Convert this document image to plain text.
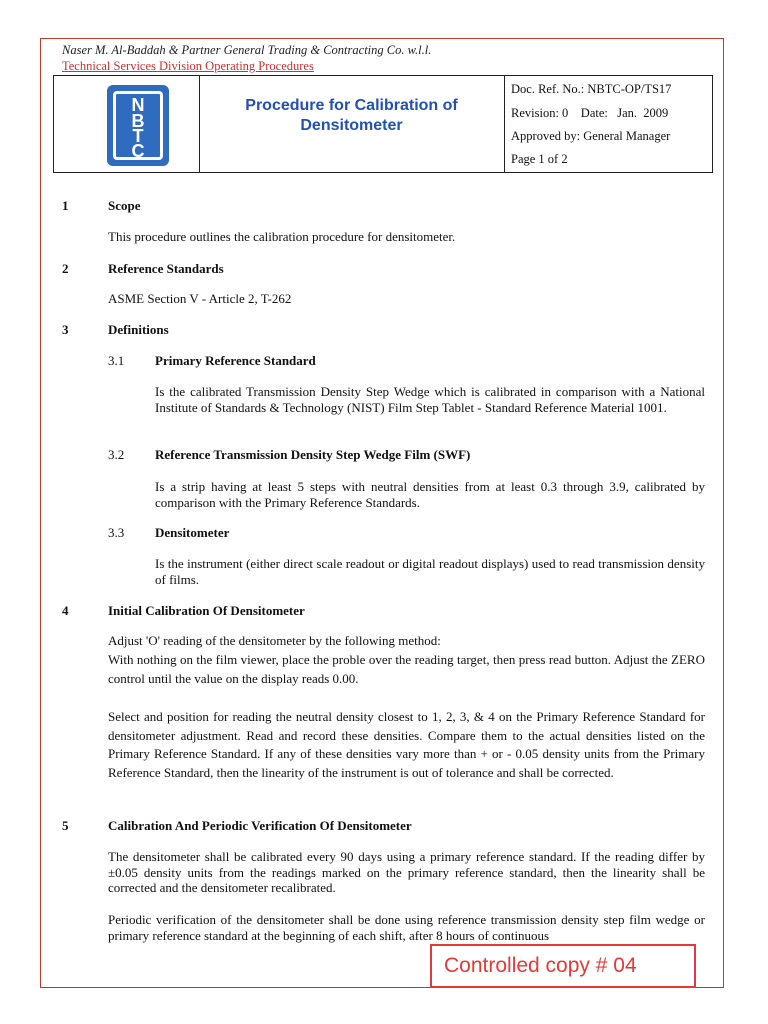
Naser M. Al-Baddah & Partner General Trading & Contracting Co. w.l.l.
Technical Services Division Operating Procedures
N
B
T
C
Procedure for Calibration of
Densitometer
Doc. Ref. No.: NBTC-OP/TS17
Revision: 0    Date:   Jan.  2009
Approved by: General Manager
Page 1 of 2
1	Scope
This procedure outlines the calibration procedure for densitometer.
2	Reference Standards
ASME Section V - Article 2, T-262
3	Definitions
3.1 Primary Reference Standard
Is the calibrated Transmission Density Step Wedge which is calibrated in comparison with a National Institute of Standards & Technology (NIST) Film Step Tablet - Standard Reference Material 1001.
3.2 Reference Transmission Density Step Wedge Film (SWF)
Is a strip having at least 5 steps with neutral densities from at least 0.3 through 3.9, calibrated by comparison with the Primary Reference Standards.
3.3 Densitometer
Is the instrument (either direct scale readout or digital readout displays) used to read transmission density of films.
4	Initial Calibration Of Densitometer
Adjust 'O' reading of the densitometer by the following method:
With nothing on the film viewer, place the proble over the reading target, then press read button. Adjust the ZERO control until the value on the display reads 0.00.
Select and position for reading the neutral density closest to 1, 2, 3, & 4 on the Primary Reference Standard for densitometer adjustment. Read and record these densities. Compare them to the actual densities listed on the Primary Reference Standard. If any of these densities vary more than + or - 0.05 density units from the Primary Reference Standard, then the linearity of the instrument is out of tolerance and shall be corrected.
5	Calibration And Periodic Verification Of Densitometer
The densitometer shall be calibrated every 90 days using a primary reference standard. If the reading differ by ±0.05 density units from the readings marked on the primary reference standard, then the linearity shall be corrected and the densitometer recalibrated.
Periodic verification of the densitometer shall be done using reference transmission density step film wedge or primary reference standard at the beginning of each shift, after 8 hours of continuous
Controlled copy # 04
